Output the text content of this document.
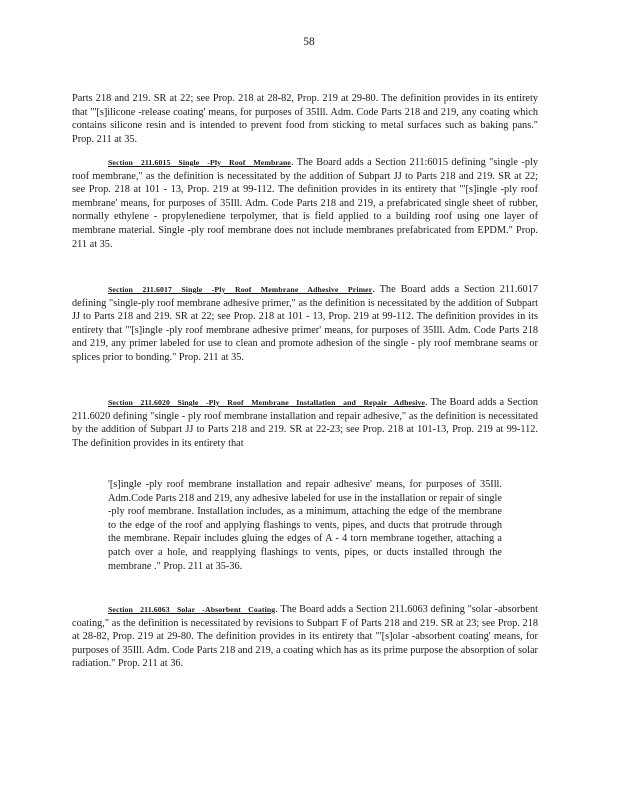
58

Parts 218 and 219. SR at 22; see Prop. 218 at 28-82, Prop. 219 at 29-80. The definition provides in its entirety that "'[s]ilicone -release coating' means, for purposes of 35Ill. Adm. Code Parts 218 and 219, any coating which contains silicone resin and is intended to prevent food from sticking to metal surfaces such as baking pans." Prop. 211 at 35.

Section 211.6015 Single -Ply Roof Membrane. The Board adds a Section 211:6015 defining "single -ply roof membrane," as the definition is necessitated by the addition of Subpart JJ to Parts 218 and 219. SR at 22; see Prop. 218 at 101 - 13, Prop. 219 at 99-112. The definition provides in its entirety that "'[s]ingle -ply roof membrane' means, for purposes of 35Ill. Adm. Code Parts 218 and 219, a prefabricated single sheet of rubber, normally ethylene - propylenediene terpolymer, that is field applied to a building roof using one layer of membrane material. Single -ply roof membrane does not include membranes prefabricated from EPDM." Prop. 211 at 35.

Section 211.6017 Single -Ply Roof Membrane Adhesive Primer. The Board adds a Section 211.6017 defining "single-ply roof membrane adhesive primer," as the definition is necessitated by the addition of Subpart JJ to Parts 218 and 219. SR at 22; see Prop. 218 at 101 - 13, Prop. 219 at 99-112. The definition provides in its entirety that "'[s]ingle -ply roof membrane adhesive primer' means, for purposes of 35Ill. Adm. Code Parts 218 and 219, any primer labeled for use to clean and promote adhesion of the single - ply roof membrane seams or splices prior to bonding." Prop. 211 at 35.

Section 211.6020 Single -Ply Roof Membrane Installation and Repair Adhesive. The Board adds a Section 211.6020 defining "single - ply roof membrane installation and repair adhesive," as the definition is necessitated by the addition of Subpart JJ to Parts 218 and 219. SR at 22-23; see Prop. 218 at 101-13, Prop. 219 at 99-112. The definition provides in its entirety that

'[s]ingle -ply roof membrane installation and repair adhesive' means, for purposes of 35Ill. Adm.Code Parts 218 and 219, any adhesive labeled for use in the installation or repair of single -ply roof membrane. Installation includes, as a minimum, attaching the edge of the membrane to the edge of the roof and applying flashings to vents, pipes, and ducts that protrude through the membrane. Repair includes gluing the edges of A - 4 torn membrane together, attaching a patch over a hole, and reapplying flashings to vents, pipes, or ducts installed through the membrane ." Prop. 211 at 35-36.

Section 211.6063 Solar -Absorbent Coating. The Board adds a Section 211.6063 defining "solar -absorbent coating," as the definition is necessitated by revisions to Subpart F of Parts 218 and 219. SR at 23; see Prop. 218 at 28-82, Prop. 219 at 29-80. The definition provides in its entirety that "'[s]olar -absorbent coating' means, for purposes of 35Ill. Adm. Code Parts 218 and 219, a coating which has as its prime purpose the absorption of solar radiation." Prop. 211 at 36.
